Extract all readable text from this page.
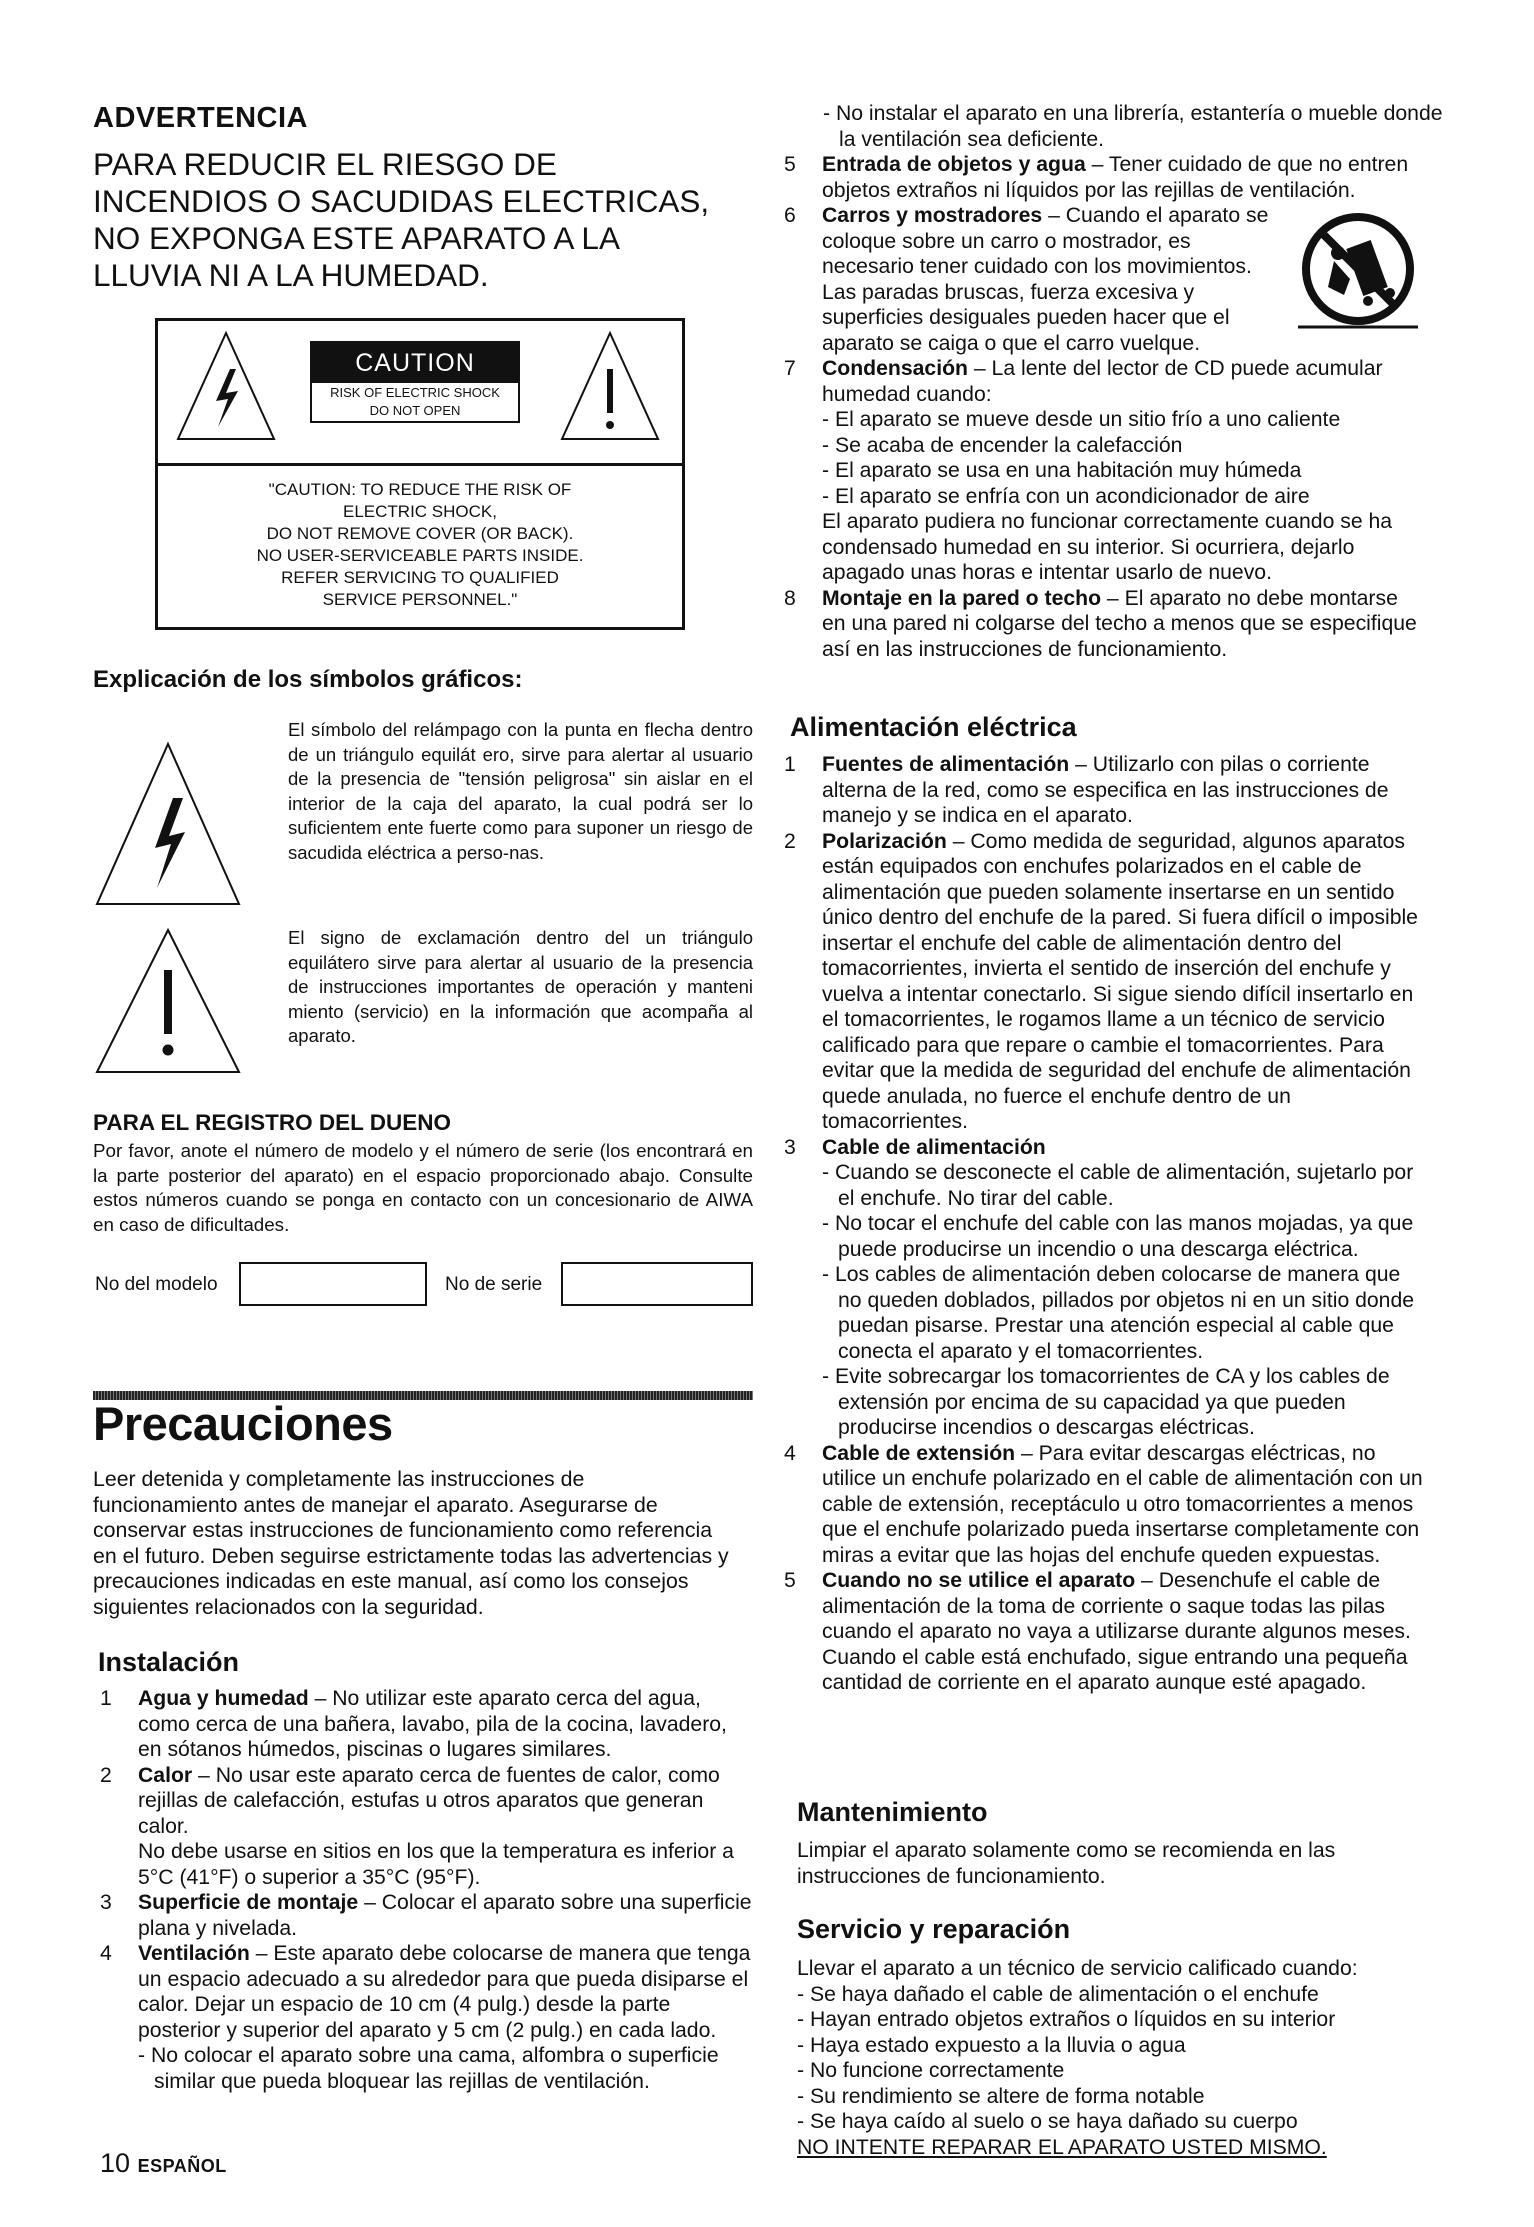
ADVERTENCIA
PARA REDUCIR EL RIESGO DE
INCENDIOS O SACUDIDAS ELECTRICAS,
NO EXPONGA ESTE APARATO A LA
LLUVIA NI A LA HUMEDAD.
CAUTION
RISK OF ELECTRIC SHOCK
DO NOT OPEN
"CAUTION: TO REDUCE THE RISK OF
ELECTRIC SHOCK,
DO NOT REMOVE COVER (OR BACK).
NO USER-SERVICEABLE PARTS INSIDE.
REFER SERVICING TO QUALIFIED
SERVICE PERSONNEL."
Explicación de los símbolos gráficos:
El símbolo del relámpago con la punta en flecha dentro de un triángulo equilát ero, sirve para alertar al usuario de la presencia de "tensión peligrosa" sin aislar en el interior de la caja del aparato, la cual podrá ser lo suficientem ente fuerte como para suponer un riesgo de sacudida eléctrica a perso-nas.
El signo de exclamación dentro del un triángulo equilátero sirve para alertar al usuario de la presencia de instrucciones importantes de operación y manteni miento (servicio) en la información que acompaña al aparato.
PARA EL REGISTRO DEL DUENO
Por favor, anote el número de modelo y el número de serie (los encontrará en la parte posterior del aparato) en el espacio proporcionado abajo. Consulte estos números cuando se ponga en contacto con un concesionario de AIWA en caso de dificultades.
No del modelo	No de serie
Precauciones
Leer detenida y completamente las instrucciones de funcionamiento antes de manejar el aparato. Asegurarse de conservar estas instrucciones de funcionamiento como referencia en el futuro. Deben seguirse estrictamente todas las advertencias y precauciones indicadas en este manual, así como los consejos siguientes relacionados con la seguridad.
Instalación
1	Agua y humedad – No utilizar este aparato cerca del agua, como cerca de una bañera, lavabo, pila de la cocina, lavadero, en sótanos húmedos, piscinas o lugares similares.
2	Calor – No usar este aparato cerca de fuentes de calor, como rejillas de calefacción, estufas u otros aparatos que generan calor.
No debe usarse en sitios en los que la temperatura es inferior a 5°C (41°F) o superior a 35°C (95°F).
3	Superficie de montaje – Colocar el aparato sobre una superficie plana y nivelada.
4	Ventilación – Este aparato debe colocarse de manera que tenga un espacio adecuado a su alrededor para que pueda disiparse el calor. Dejar un espacio de 10 cm (4 pulg.) desde la parte posterior y superior del aparato y 5 cm (2 pulg.) en cada lado.
- No colocar el aparato sobre una cama, alfombra o superficie similar que pueda bloquear las rejillas de ventilación.
- No instalar el aparato en una librería, estantería o mueble donde la ventilación sea deficiente.
5	Entrada de objetos y agua – Tener cuidado de que no entren objetos extraños ni líquidos por las rejillas de ventilación.
6	Carros y mostradores – Cuando el aparato se coloque sobre un carro o mostrador, es necesario tener cuidado con los movimientos. Las paradas bruscas, fuerza excesiva y superficies desiguales pueden hacer que el aparato se caiga o que el carro vuelque.
7	Condensación – La lente del lector de CD puede acumular humedad cuando:
- El aparato se mueve desde un sitio frío a uno caliente
- Se acaba de encender la calefacción
- El aparato se usa en una habitación muy húmeda
- El aparato se enfría con un acondicionador de aire
El aparato pudiera no funcionar correctamente cuando se ha condensado humedad en su interior. Si ocurriera, dejarlo apagado unas horas e intentar usarlo de nuevo.
8	Montaje en la pared o techo – El aparato no debe montarse en una pared ni colgarse del techo a menos que se especifique así en las instrucciones de funcionamiento.
Alimentación eléctrica
1	Fuentes de alimentación – Utilizarlo con pilas o corriente alterna de la red, como se especifica en las instrucciones de manejo y se indica en el aparato.
2	Polarización – Como medida de seguridad, algunos aparatos están equipados con enchufes polarizados en el cable de alimentación que pueden solamente insertarse en un sentido único dentro del enchufe de la pared. Si fuera difícil o imposible insertar el enchufe del cable de alimentación dentro del tomacorrientes, invierta el sentido de inserción del enchufe y vuelva a intentar conectarlo. Si sigue siendo difícil insertarlo en el tomacorrientes, le rogamos llame a un técnico de servicio calificado para que repare o cambie el tomacorrientes. Para evitar que la medida de seguridad del enchufe de alimentación quede anulada, no fuerce el enchufe dentro de un tomacorrientes.
3	Cable de alimentación
- Cuando se desconecte el cable de alimentación, sujetarlo por el enchufe. No tirar del cable.
- No tocar el enchufe del cable con las manos mojadas, ya que puede producirse un incendio o una descarga eléctrica.
- Los cables de alimentación deben colocarse de manera que no queden doblados, pillados por objetos ni en un sitio donde puedan pisarse. Prestar una atención especial al cable que conecta el aparato y el tomacorrientes.
- Evite sobrecargar los tomacorrientes de CA y los cables de extensión por encima de su capacidad ya que pueden producirse incendios o descargas eléctricas.
4	Cable de extensión – Para evitar descargas eléctricas, no utilice un enchufe polarizado en el cable de alimentación con un cable de extensión, receptáculo u otro tomacorrientes a menos que el enchufe polarizado pueda insertarse completamente con miras a evitar que las hojas del enchufe queden expuestas.
5	Cuando no se utilice el aparato – Desenchufe el cable de alimentación de la toma de corriente o saque todas las pilas cuando el aparato no vaya a utilizarse durante algunos meses. Cuando el cable está enchufado, sigue entrando una pequeña cantidad de corriente en el aparato aunque esté apagado.
Mantenimiento
Limpiar el aparato solamente como se recomienda en las instrucciones de funcionamiento.
Servicio y reparación
Llevar el aparato a un técnico de servicio calificado cuando:
- Se haya dañado el cable de alimentación o el enchufe
- Hayan entrado objetos extraños o líquidos en su interior
- Haya estado expuesto a la lluvia o agua
- No funcione correctamente
- Su rendimiento se altere de forma notable
- Se haya caído al suelo o se haya dañado su cuerpo
NO INTENTE REPARAR EL APARATO USTED MISMO.
10 ESPAÑOL
